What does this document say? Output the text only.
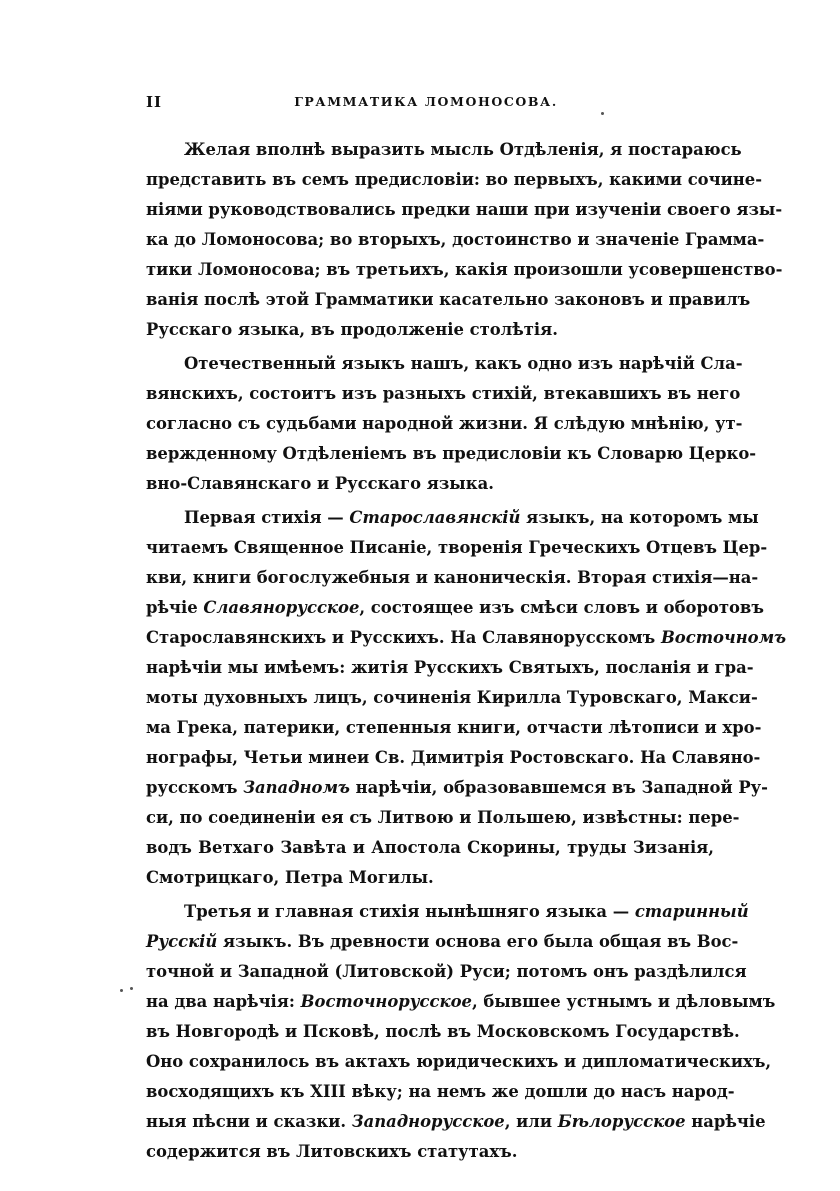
II	ГРАММАТИКА ЛОМОНОСОВА.
Желая вполнѣ выразить мысль Отдѣленія, я постараюсь
представить въ семъ предисловіи: во первыхъ, какими сочине-
ніями руководствовались предки наши при изученіи своего язы-
ка до Ломоносова; во вторыхъ, достоинство и значеніе Грамма-
тики Ломоносова; въ третьихъ, какія произошли усовершенство-
ванія послѣ этой Грамматики касательно законовъ и правилъ
Русскаго языка, въ продолженіе столѣтія.
Отечественный языкъ нашъ, какъ одно изъ нарѣчій Сла-
вянскихъ, состоитъ изъ разныхъ стихій, втекавшихъ въ него
согласно съ судьбами народной жизни. Я слѣдую мнѣнію, ут-
вержденному Отдѣленіемъ въ предисловіи къ Словарю Церко-
вно-Славянскаго и Русскаго языка.
Первая стихія — Старославянскій языкъ, на которомъ мы
читаемъ Священное Писаніе, творенія Греческихъ Отцевъ Цер-
кви, книги богослужебныя и каноническія. Вторая стихія—на-
рѣчіе Славянорусское, состоящее изъ смѣси словъ и оборотовъ
Старославянскихъ и Русскихъ. На Славянорусскомъ Восточномъ
нарѣчіи мы имѣемъ: житія Русскихъ Святыхъ, посланія и гра-
моты духовныхъ лицъ, сочиненія Кирилла Туровскаго, Макси-
ма Грека, патерики, степенныя книги, отчасти лѣтописи и хро-
нографы, Четьи минеи Св. Димитрія Ростовскаго. На Славяно-
русскомъ Западномъ нарѣчіи, образовавшемся въ Западной Ру-
си, по соединеніи ея съ Литвою и Польшею, извѣстны: пере-
водъ Ветхаго Завѣта и Апостола Скорины, труды Зизанія,
Смотрицкаго, Петра Могилы.
Третья и главная стихія нынѣшняго языка — старинный
Русскій языкъ. Въ древности основа его была общая въ Вос-
точной и Западной (Литовской) Руси; потомъ онъ раздѣлился
на два нарѣчія: Восточнорусское, бывшее устнымъ и дѣловымъ
въ Новгородѣ и Псковѣ, послѣ въ Московскомъ Государствѣ.
Оно сохранилось въ актахъ юридическихъ и дипломатическихъ,
восходящихъ къ XIII вѣку; на немъ же дошли до насъ народ-
ныя пѣсни и сказки. Западнорусское, или Бѣлорусское нарѣчіе
содержится въ Литовскихъ статутахъ.
